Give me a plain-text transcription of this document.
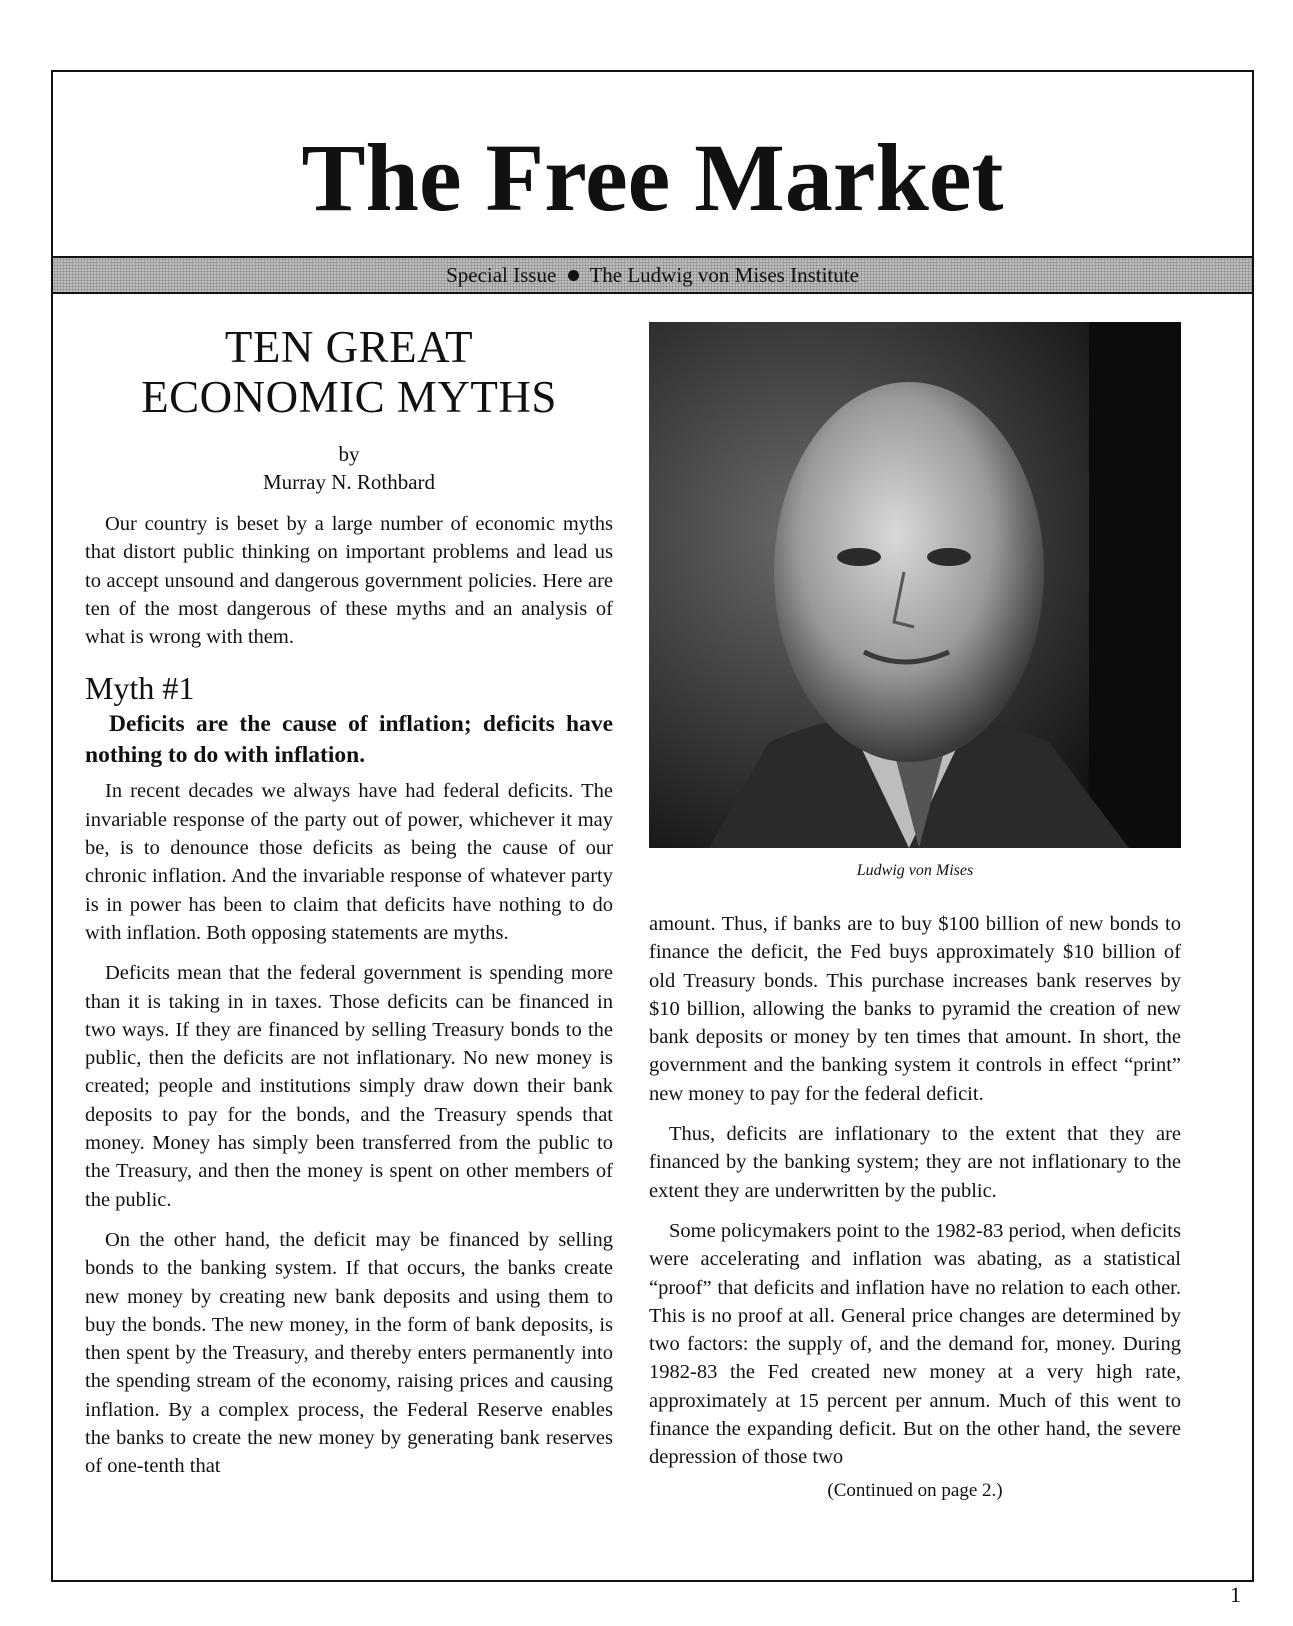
The Free Market
Special Issue The Ludwig von Mises Institute
TEN GREAT
ECONOMIC MYTHS
by
Murray N. Rothbard

Our country is beset by a large number of economic myths that distort public thinking on important problems and lead us to accept unsound and dangerous government policies. Here are ten of the most dangerous of these myths and an analysis of what is wrong with them.

Myth #1
Deficits are the cause of inflation; deficits have nothing to do with inflation.

In recent decades we always have had federal deficits. The invariable response of the party out of power, whichever it may be, is to denounce those deficits as being the cause of our chronic inflation. And the invariable response of whatever party is in power has been to claim that deficits have nothing to do with inflation. Both opposing statements are myths.

Deficits mean that the federal government is spending more than it is taking in in taxes. Those deficits can be financed in two ways. If they are financed by selling Treasury bonds to the public, then the deficits are not inflationary. No new money is created; people and institutions simply draw down their bank deposits to pay for the bonds, and the Treasury spends that money. Money has simply been transferred from the public to the Treasury, and then the money is spent on other members of the public.

On the other hand, the deficit may be financed by selling bonds to the banking system. If that occurs, the banks create new money by creating new bank deposits and using them to buy the bonds. The new money, in the form of bank deposits, is then spent by the Treasury, and thereby enters permanently into the spending stream of the economy, raising prices and causing inflation. By a complex process, the Federal Reserve enables the banks to create the new money by generating bank reserves of one-tenth that

Ludwig von Mises

amount. Thus, if banks are to buy $100 billion of new bonds to finance the deficit, the Fed buys approximately $10 billion of old Treasury bonds. This purchase increases bank reserves by $10 billion, allowing the banks to pyramid the creation of new bank deposits or money by ten times that amount. In short, the government and the banking system it controls in effect “print” new money to pay for the federal deficit.

Thus, deficits are inflationary to the extent that they are financed by the banking system; they are not inflationary to the extent they are underwritten by the public.

Some policymakers point to the 1982-83 period, when deficits were accelerating and inflation was abating, as a statistical “proof” that deficits and inflation have no relation to each other. This is no proof at all. General price changes are determined by two factors: the supply of, and the demand for, money. During 1982-83 the Fed created new money at a very high rate, approximately at 15 percent per annum. Much of this went to finance the expanding deficit. But on the other hand, the severe depression of those two

(Continued on page 2.)
1
